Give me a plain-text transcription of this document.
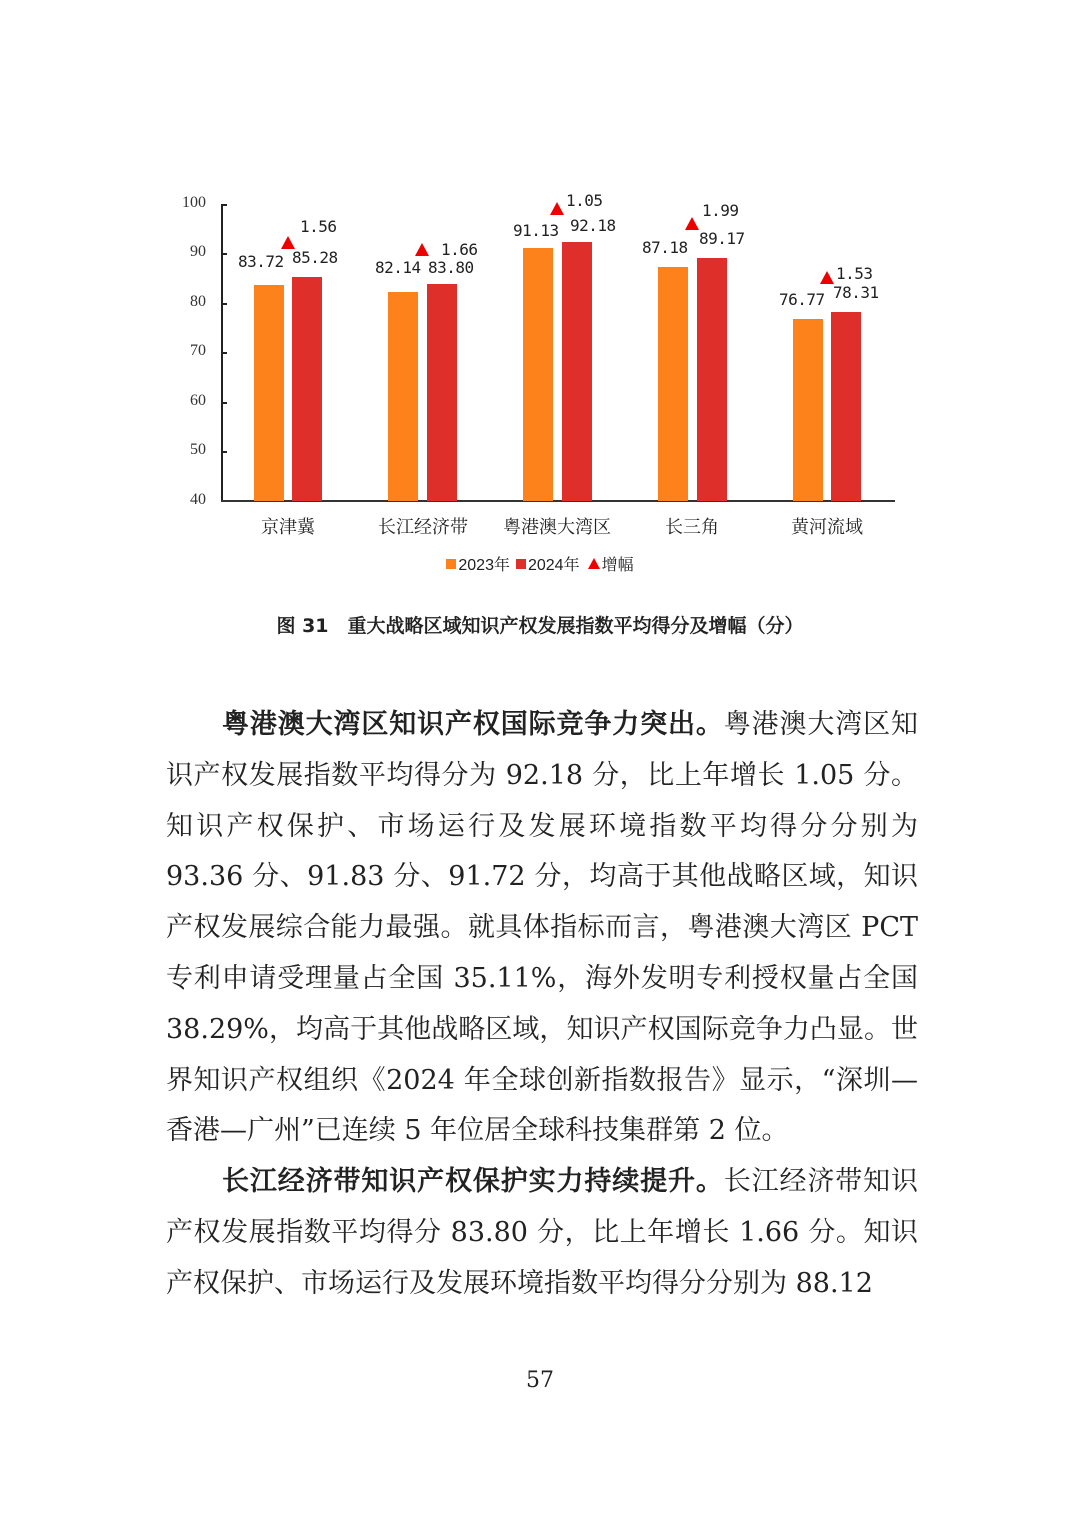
100
90
80
70
60
50
40
83.72 85.28
1.56
82.14 83.80
1.66
91.13 92.18
1.05
87.18 89.17
1.99
76.77 78.31
1.53
京津冀	长江经济带	粤港澳大湾区	长三角	黄河流域
2023年 2024年 增幅
图 31　重大战略区域知识产权发展指数平均得分及增幅（分）

粤港澳大湾区知识产权国际竞争力突出。粤港澳大湾区知识产权发展指数平均得分为 92.18 分，比上年增长 1.05 分。知识产权保护、市场运行及发展环境指数平均得分分别为 93.36 分、91.83 分、91.72 分，均高于其他战略区域，知识产权发展综合能力最强。就具体指标而言，粤港澳大湾区 PCT 专利申请受理量占全国 35.11%，海外发明专利授权量占全国 38.29%，均高于其他战略区域，知识产权国际竞争力凸显。世界知识产权组织《2024 年全球创新指数报告》显示，“深圳—香港—广州”已连续 5 年位居全球科技集群第 2 位。

长江经济带知识产权保护实力持续提升。长江经济带知识产权发展指数平均得分 83.80 分，比上年增长 1.66 分。知识产权保护、市场运行及发展环境指数平均得分分别为 88.12

57
